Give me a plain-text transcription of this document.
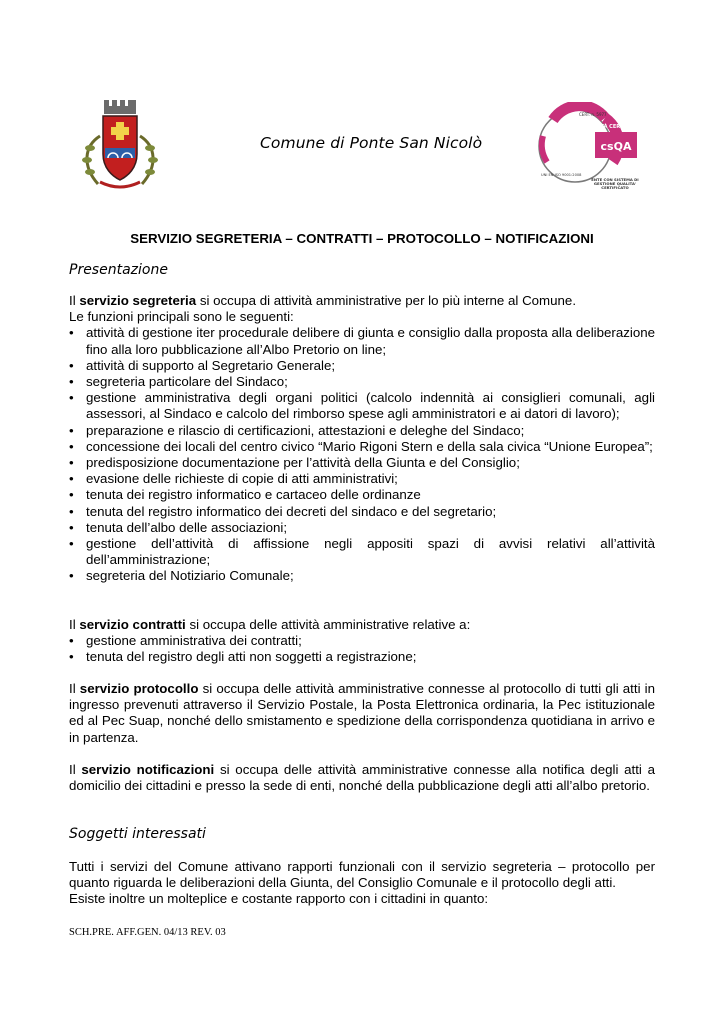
Comune di Ponte San Nicolò
SISTEMA QUALITÀ CERTIFICATO
CERT. n. 5977
UNI EN ISO 9001:2008
csQA
ENTE CON SISTEMA DI GESTIONE QUALITA' CERTIFICATO
SERVIZIO SEGRETERIA – CONTRATTI – PROTOCOLLO – NOTIFICAZIONI
Presentazione

Il servizio segreteria si occupa di attività amministrative per lo più interne al Comune.

Le funzioni principali sono le seguenti:

• attività di gestione iter procedurale delibere di giunta e consiglio dalla proposta alla deliberazione fino alla loro pubblicazione all’Albo Pretorio on line;
• attività di supporto al Segretario Generale;
• segreteria particolare del Sindaco;
• gestione amministrativa degli organi politici (calcolo indennità ai consiglieri comunali, agli assessori, al Sindaco e calcolo del rimborso spese agli amministratori e ai datori di lavoro);
• preparazione e rilascio di certificazioni, attestazioni e deleghe del Sindaco;
• concessione dei locali del centro civico “Mario Rigoni Stern e della sala civica “Unione Europea”;
• predisposizione documentazione per l’attività della Giunta e del Consiglio;
• evasione delle richieste di copie di atti amministrativi;
• tenuta dei registro informatico e cartaceo delle ordinanze
• tenuta del registro informatico dei decreti del sindaco e del segretario;
• tenuta dell’albo delle associazioni;
• gestione dell’attività di affissione negli appositi spazi di avvisi relativi all’attività dell’amministrazione;
• segreteria del Notiziario Comunale;

Il servizio contratti si occupa delle attività amministrative relative a:

• gestione amministrativa dei contratti;
• tenuta del registro degli atti non soggetti a registrazione;

Il servizio protocollo si occupa delle attività amministrative connesse al protocollo di tutti gli atti in ingresso prevenuti attraverso il Servizio Postale, la Posta Elettronica ordinaria, la Pec istituzionale ed al Pec Suap, nonché dello smistamento e spedizione della corrispondenza quotidiana in arrivo e in partenza.

Il servizio notificazioni si occupa delle attività amministrative connesse alla notifica degli atti a domicilio dei cittadini e presso la sede di enti, nonché della pubblicazione degli atti all’albo pretorio.

Soggetti interessati

Tutti i servizi del Comune attivano rapporti funzionali con il servizio segreteria – protocollo per quanto riguarda le deliberazioni della Giunta, del Consiglio Comunale e il protocollo degli atti.

Esiste inoltre un molteplice e costante rapporto con i cittadini in quanto:

SCH.PRE. AFF.GEN. 04/13 REV. 03
